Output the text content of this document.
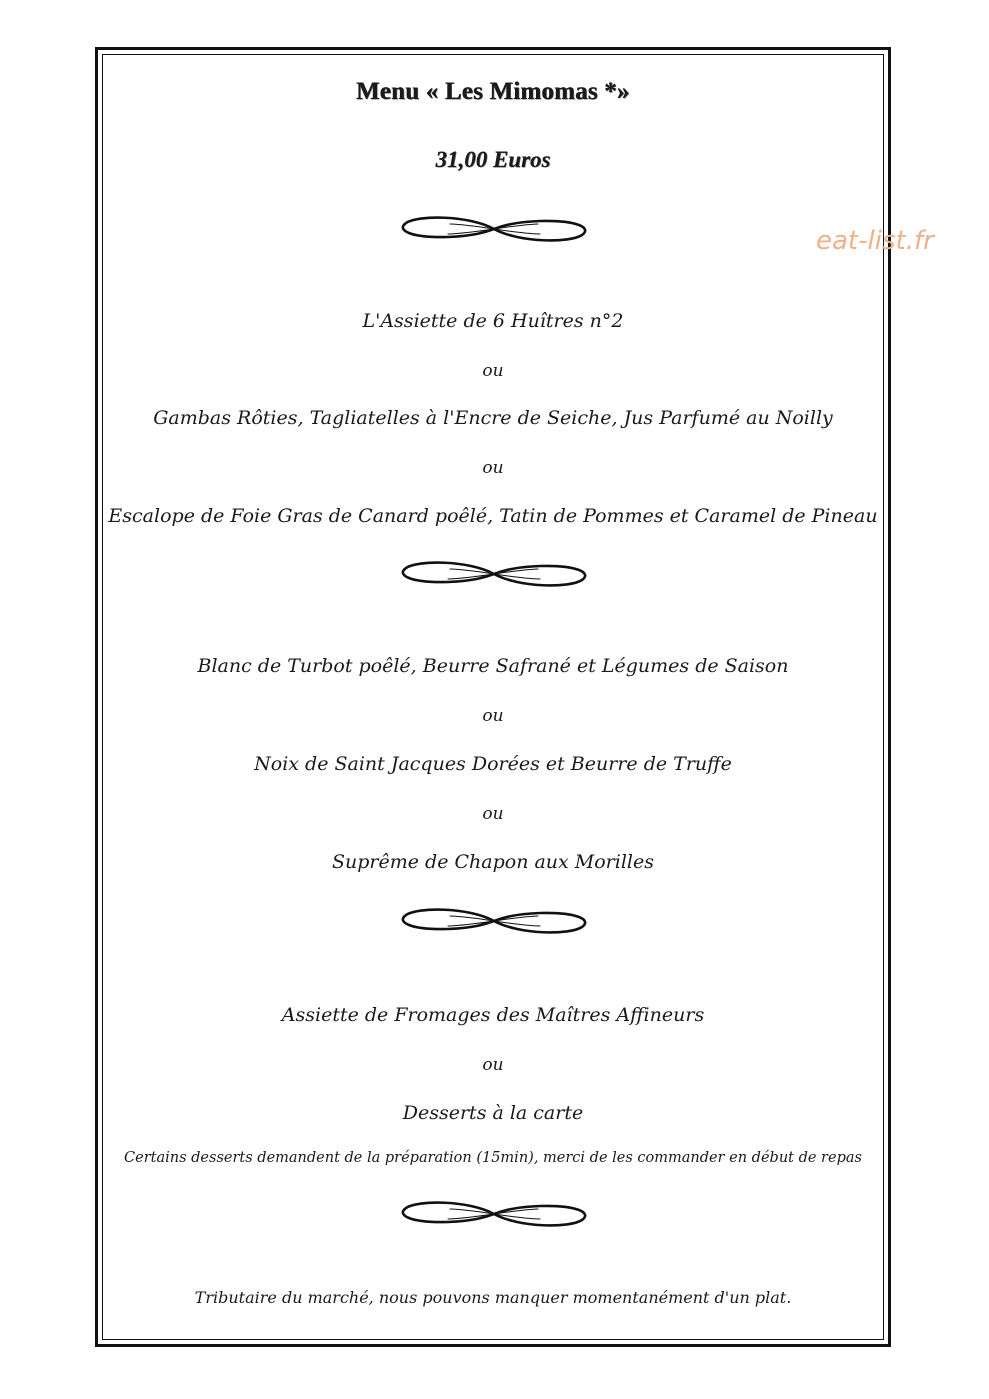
eat-list.fr
Menu « Les Mimomas *»
31,00 Euros
L'Assiette de 6 Huîtres n°2
ou
Gambas Rôties, Tagliatelles à l'Encre de Seiche, Jus Parfumé au Noilly
ou
Escalope de Foie Gras de Canard poêlé, Tatin de Pommes et Caramel de Pineau
Blanc de Turbot poêlé, Beurre Safrané et Légumes de Saison
ou
Noix de Saint Jacques Dorées et Beurre de Truffe
ou
Suprême de Chapon aux Morilles
Assiette de Fromages des Maîtres Affineurs
ou
Desserts à la carte
Certains desserts demandent de la préparation (15min), merci de les commander en début de repas
Tributaire du marché, nous pouvons manquer momentanément d'un plat.
